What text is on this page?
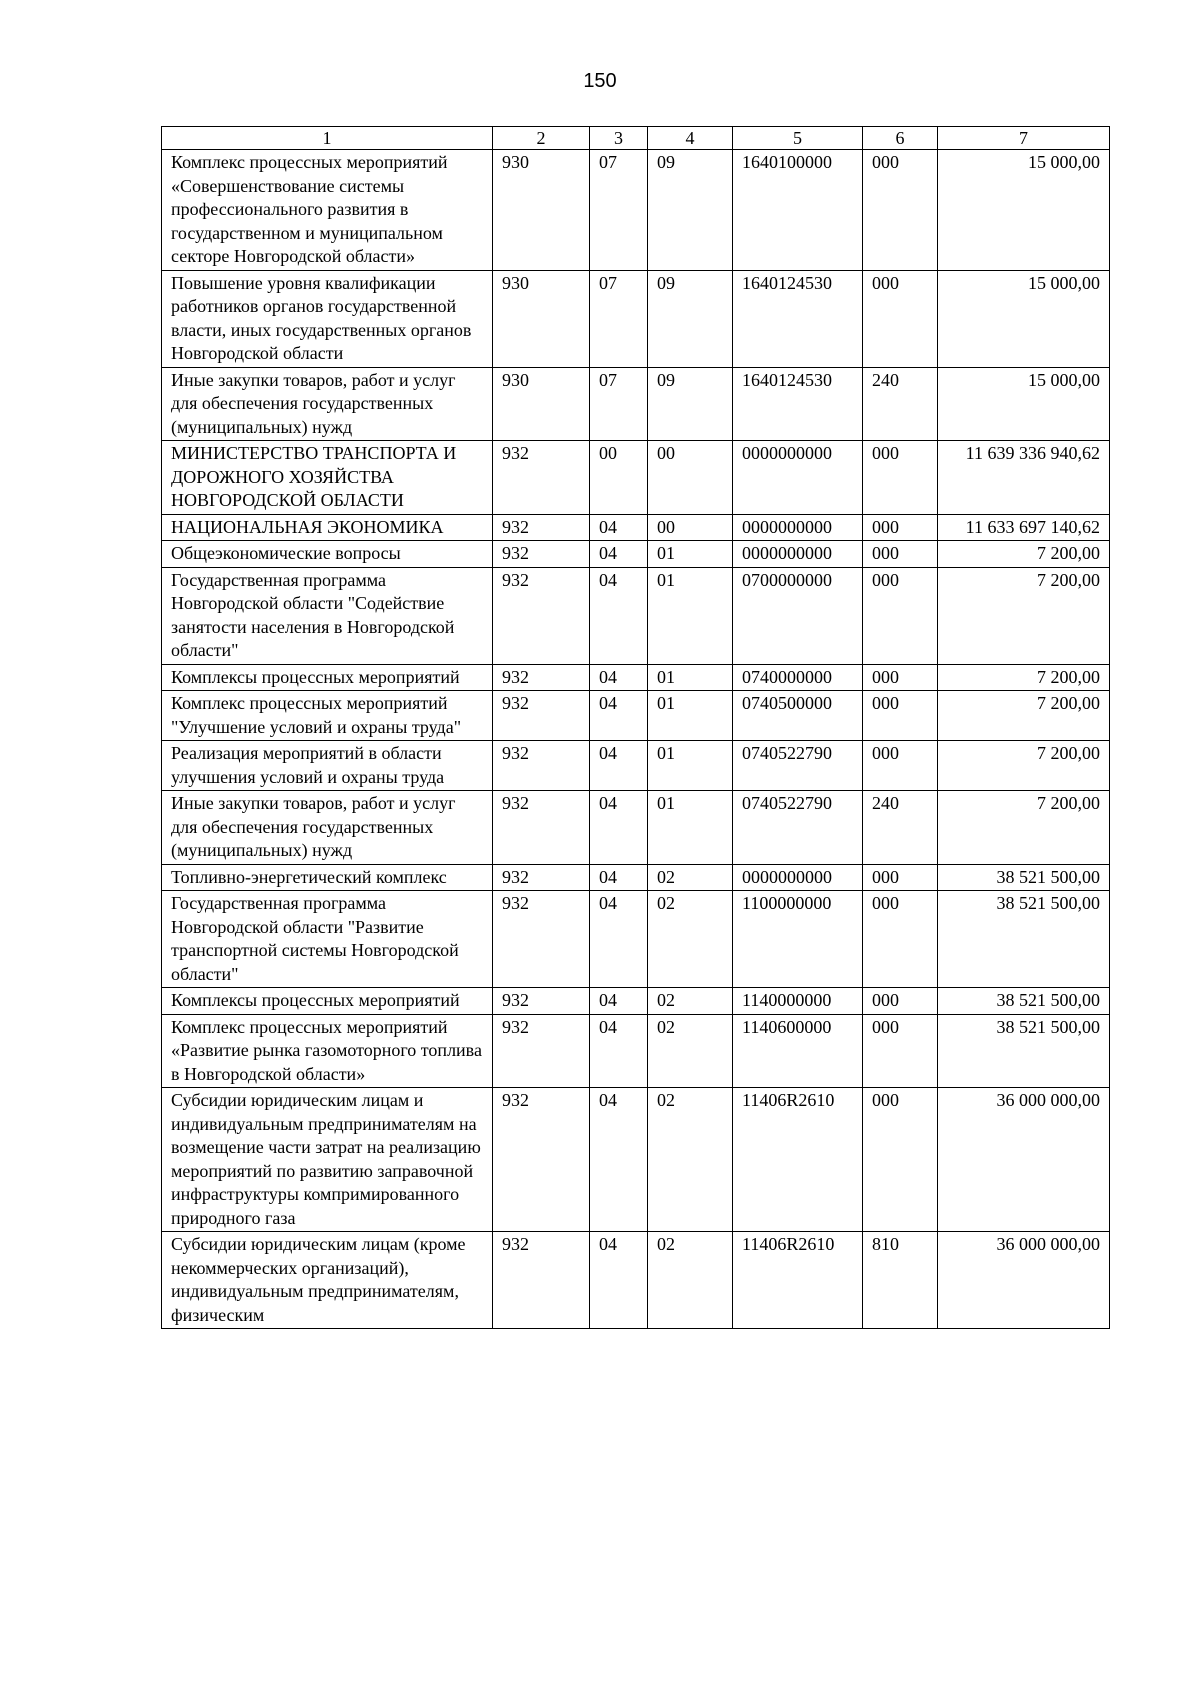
150
1	2	3	4	5	6	7
Комплекс процессных мероприятий «Совершенствование системы профессионального развития в государственном и муниципальном секторе Новгородской области»	930	07	09	1640100000	000	15 000,00
Повышение уровня квалификации работников органов государственной власти, иных государственных органов Новгородской области	930	07	09	1640124530	000	15 000,00
Иные закупки товаров, работ и услуг для обеспечения государственных (муниципальных) нужд	930	07	09	1640124530	240	15 000,00
МИНИСТЕРСТВО ТРАНСПОРТА И ДОРОЖНОГО ХОЗЯЙСТВА НОВГОРОДСКОЙ ОБЛАСТИ	932	00	00	0000000000	000	11 639 336 940,62
НАЦИОНАЛЬНАЯ ЭКОНОМИКА	932	04	00	0000000000	000	11 633 697 140,62
Общеэкономические вопросы	932	04	01	0000000000	000	7 200,00
Государственная программа Новгородской области "Содействие занятости населения в Новгородской области"	932	04	01	0700000000	000	7 200,00
Комплексы процессных мероприятий	932	04	01	0740000000	000	7 200,00
Комплекс процессных мероприятий "Улучшение условий и охраны труда"	932	04	01	0740500000	000	7 200,00
Реализация мероприятий в области улучшения условий и охраны труда	932	04	01	0740522790	000	7 200,00
Иные закупки товаров, работ и услуг для обеспечения государственных (муниципальных) нужд	932	04	01	0740522790	240	7 200,00
Топливно-энергетический комплекс	932	04	02	0000000000	000	38 521 500,00
Государственная программа Новгородской области "Развитие транспортной системы Новгородской области"	932	04	02	1100000000	000	38 521 500,00
Комплексы процессных мероприятий	932	04	02	1140000000	000	38 521 500,00
Комплекс процессных мероприятий «Развитие рынка газомоторного топлива в Новгородской области»	932	04	02	1140600000	000	38 521 500,00
Субсидии юридическим лицам и индивидуальным предпринимателям на возмещение части затрат на реализацию мероприятий по развитию заправочной инфраструктуры компримированного природного газа	932	04	02	11406R2610	000	36 000 000,00
Субсидии юридическим лицам (кроме некоммерческих организаций), индивидуальным предпринимателям, физическим	932	04	02	11406R2610	810	36 000 000,00
